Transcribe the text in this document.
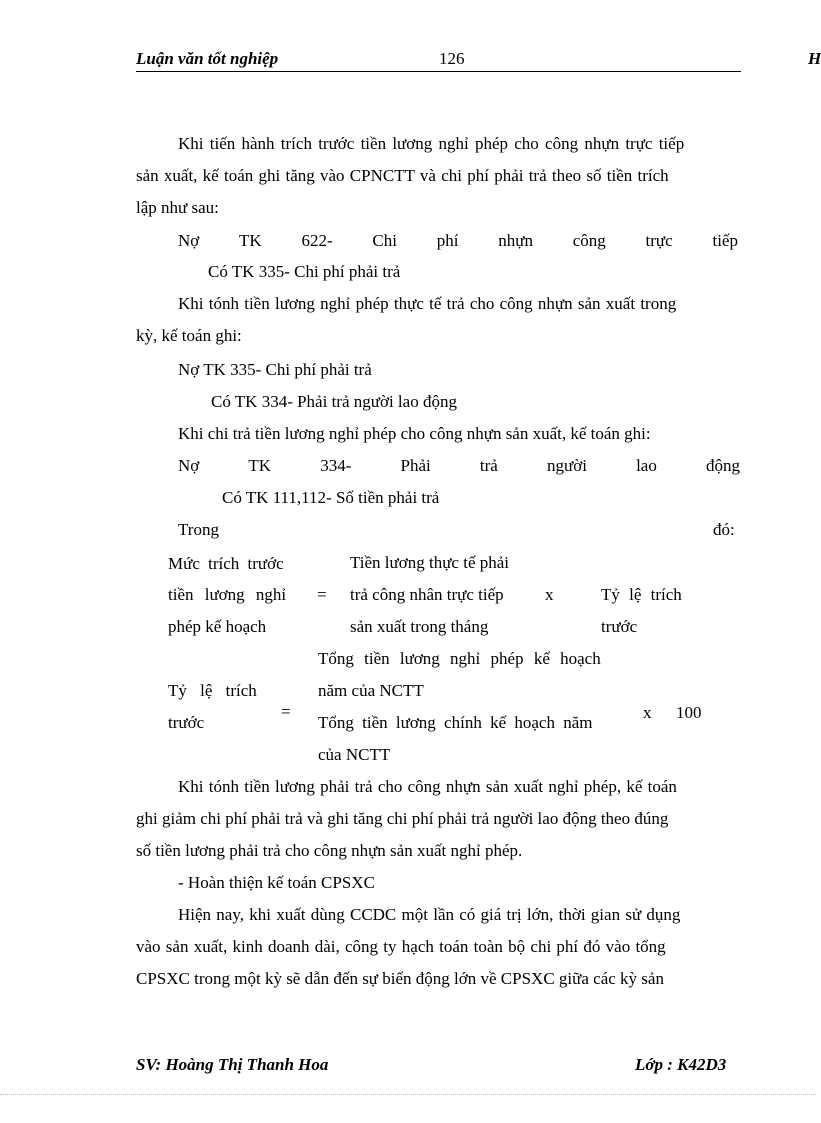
Luận văn tốt nghiệp	126	H
Khi tiến hành trích trước tiền lương nghỉ phép cho công nhựn trực tiếp
sản xuất, kế toán ghi tăng vào CPNCTT và chi phí phải trả theo số tiền trích
lập như sau:
Nợ TK 622- Chi phí nhựn công trực tiếp
Có TK 335- Chi phí phải trả
Khi tónh tiền lương nghỉ phép thực tế trả cho công nhựn sản xuất trong
kỳ, kế toán ghi:
Nợ TK 335- Chi phí phải trả
Có TK 334- Phải trả người lao động
Khi chi trả tiền lương nghỉ phép cho công nhựn sản xuất, kế toán ghi:
Nợ	TK	334-	Phải	trả	người	lao	động
Có TK 111,112- Số tiền phải trả
Trong	đó:
Mức trích trước
tiền lương nghỉ
phép kế hoạch
=
Tiền lương thực tế phải
trả công nhân trực tiếp
sản xuất trong tháng
x	Tỷ lệ trích
trước
Tổng tiền lương nghỉ phép kế hoạch
năm của NCTT
Tỷ lệ trích
=
trước	Tổng tiền lương chính kế hoạch năm
x 100
của NCTT
Khi tónh tiền lương phải trả cho công nhựn sản xuất nghỉ phép, kế toán
ghi giảm chi phí phải trả và ghi tăng chi phí phải trả người lao động theo đúng
số tiền lương phải trả cho công nhựn sản xuất nghỉ phép.
- Hoàn thiện kế toán CPSXC
Hiện nay, khi xuất dùng CCDC một lần có giá trị lớn, thời gian sử dụng
vào sản xuất, kinh doanh dài, công ty hạch toán toàn bộ chi phí đó vào tổng
CPSXC trong một kỳ sẽ dẫn đến sự biến động lớn về CPSXC giữa các kỳ sản
SV: Hoàng Thị Thanh Hoa	Lớp : K42D3
